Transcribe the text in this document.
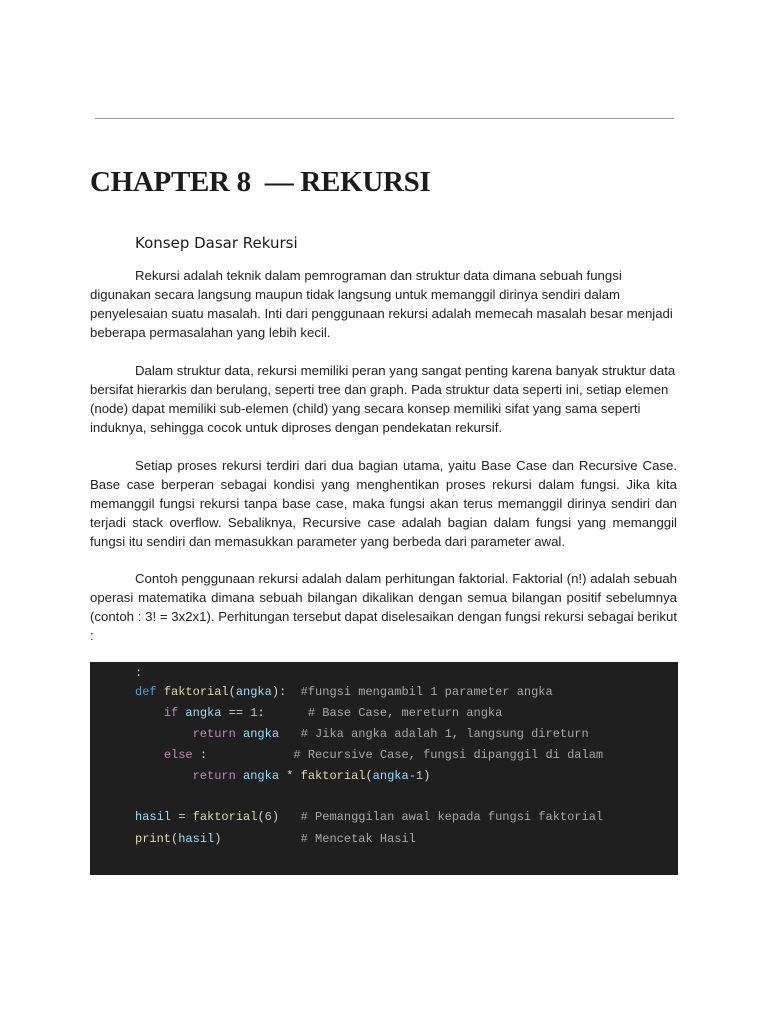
CHAPTER 8  — REKURSI
Konsep Dasar Rekursi

Rekursi adalah teknik dalam pemrograman dan struktur data dimana sebuah fungsi digunakan secara langsung maupun tidak langsung untuk memanggil dirinya sendiri dalam penyelesaian suatu masalah. Inti dari penggunaan rekursi adalah memecah masalah besar menjadi beberapa permasalahan yang lebih kecil.

Dalam struktur data, rekursi memiliki peran yang sangat penting karena banyak struktur data bersifat hierarkis dan berulang, seperti tree dan graph. Pada struktur data seperti ini, setiap elemen (node) dapat memiliki sub-elemen (child) yang secara konsep memiliki sifat yang sama seperti induknya, sehingga cocok untuk diproses dengan pendekatan rekursif.

Setiap proses rekursi terdiri dari dua bagian utama, yaitu Base Case dan Recursive Case. Base case berperan sebagai kondisi yang menghentikan proses rekursi dalam fungsi. Jika kita memanggil fungsi rekursi tanpa base case, maka fungsi akan terus memanggil dirinya sendiri dan terjadi stack overflow. Sebaliknya, Recursive case adalah bagian dalam fungsi yang memanggil fungsi itu sendiri dan memasukkan parameter yang berbeda dari parameter awal.

Contoh penggunaan rekursi adalah dalam perhitungan faktorial. Faktorial (n!) adalah sebuah operasi matematika dimana sebuah bilangan dikalikan dengan semua bilangan positif sebelumnya (contoh : 3! = 3x2x1). Perhitungan tersebut dapat diselesaikan dengan fungsi rekursi sebagai berikut :

:
def faktorial(angka): #fungsi mengambil 1 parameter angka
if angka == 1:	# Base Case, mereturn angka
return angka # Jika angka adalah 1, langsung direturn
else :	# Recursive Case, fungsi dipanggil di dalam
return angka * faktorial(angka-1)
hasil = faktorial(6) # Pemanggilan awal kepada fungsi faktorial
print(hasil)	# Mencetak Hasil
